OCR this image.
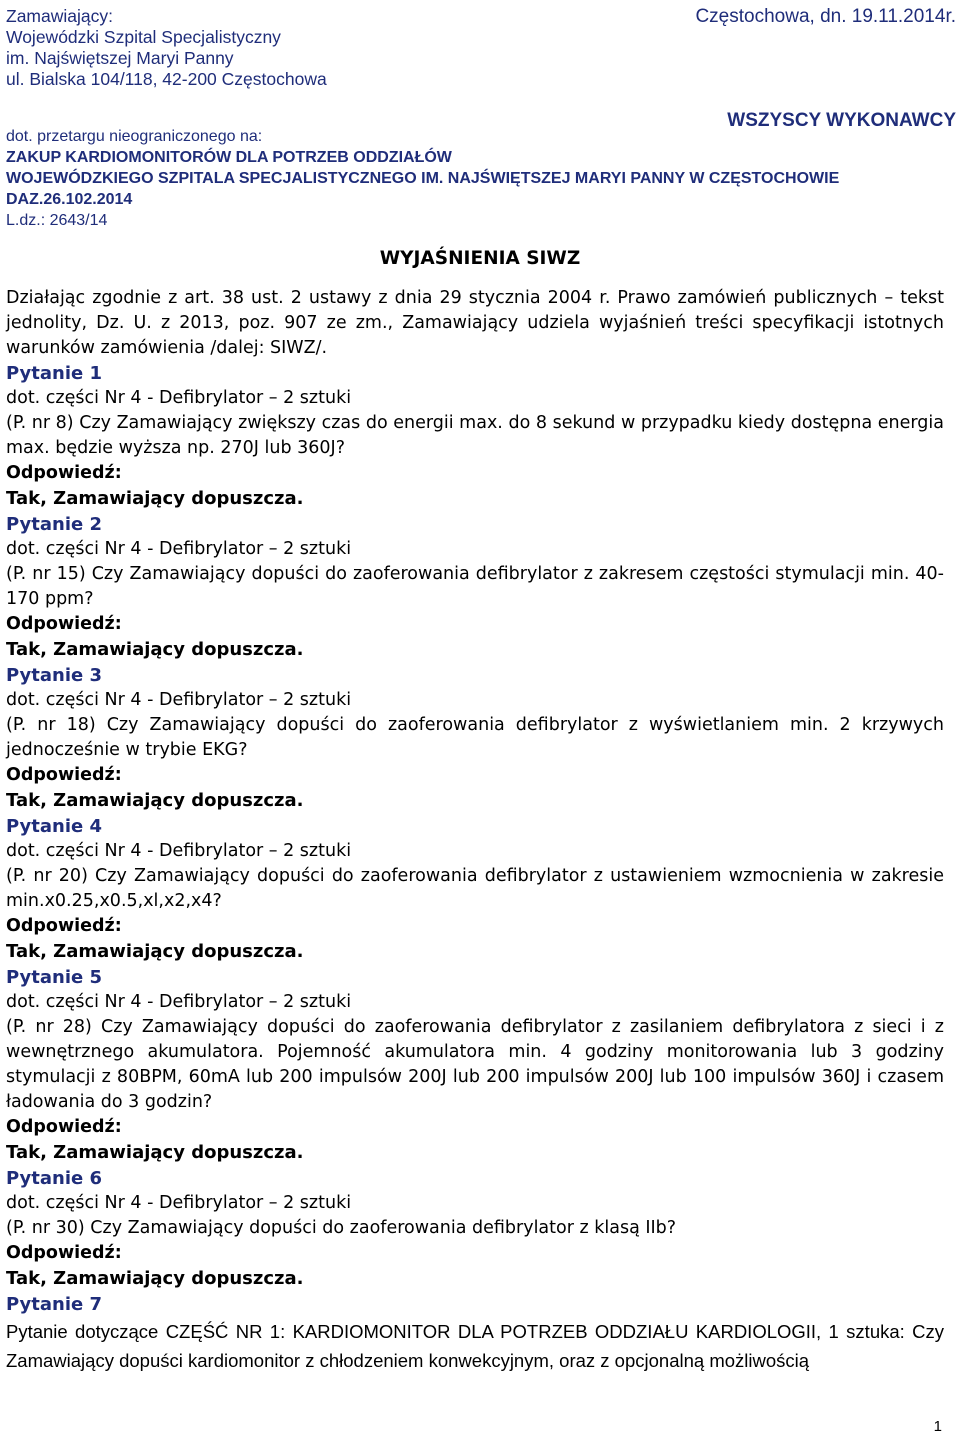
Zamawiający:
Wojewódzki Szpital Specjalistyczny
im. Najświętszej Maryi Panny
ul. Bialska 104/118, 42-200 Częstochowa
Częstochowa, dn. 19.11.2014r.
WSZYSCY WYKONAWCY
dot. przetargu nieograniczonego na:
ZAKUP KARDIOMONITORÓW DLA POTRZEB ODDZIAŁÓW
WOJEWÓDZKIEGO SZPITALA SPECJALISTYCZNEGO IM. NAJŚWIĘTSZEJ MARYI PANNY W CZĘSTOCHOWIE
DAZ.26.102.2014
L.dz.: 2643/14
WYJAŚNIENIA SIWZ

Działając zgodnie z art. 38 ust. 2 ustawy z dnia 29 stycznia 2004 r. Prawo zamówień publicznych – tekst jednolity, Dz. U. z 2013, poz. 907 ze zm., Zamawiający udziela wyjaśnień treści specyfikacji istotnych warunków zamówienia /dalej: SIWZ/.

Pytanie 1

dot. części Nr 4 - Defibrylator – 2 sztuki

(P. nr 8) Czy Zamawiający zwiększy czas do energii max. do 8 sekund w przypadku kiedy dostępna energia max. będzie wyższa np. 270J lub 360J?

Odpowiedź:

Tak, Zamawiający dopuszcza.

Pytanie 2

dot. części Nr 4 - Defibrylator – 2 sztuki

(P. nr 15) Czy Zamawiający dopuści do zaoferowania defibrylator z zakresem częstości stymulacji min. 40-170 ppm?

Odpowiedź:

Tak, Zamawiający dopuszcza.

Pytanie 3

dot. części Nr 4 - Defibrylator – 2 sztuki

(P. nr 18) Czy Zamawiający dopuści do zaoferowania defibrylator z wyświetlaniem min. 2 krzywych jednocześnie w trybie EKG?

Odpowiedź:

Tak, Zamawiający dopuszcza.

Pytanie 4

dot. części Nr 4 - Defibrylator – 2 sztuki

(P. nr 20) Czy Zamawiający dopuści do zaoferowania defibrylator z ustawieniem wzmocnienia w zakresie min.x0.25,x0.5,xl,x2,x4?

Odpowiedź:

Tak, Zamawiający dopuszcza.

Pytanie 5

dot. części Nr 4 - Defibrylator – 2 sztuki

(P. nr 28) Czy Zamawiający dopuści do zaoferowania defibrylator z zasilaniem defibrylatora z sieci i z wewnętrznego akumulatora. Pojemność akumulatora min. 4 godziny monitorowania lub 3 godziny stymulacji z 80BPM, 60mA lub 200 impulsów 200J lub 200 impulsów 200J lub 100 impulsów 360J i czasem ładowania do 3 godzin?

Odpowiedź:

Tak, Zamawiający dopuszcza.

Pytanie 6

dot. części Nr 4 - Defibrylator – 2 sztuki

(P. nr 30) Czy Zamawiający dopuści do zaoferowania defibrylator z klasą IIb?

Odpowiedź:

Tak, Zamawiający dopuszcza.

Pytanie 7

Pytanie dotyczące CZĘŚĆ NR 1: KARDIOMONITOR DLA POTRZEB ODDZIAŁU KARDIOLOGII, 1 sztuka: Czy Zamawiający dopuści kardiomonitor z chłodzeniem konwekcyjnym, oraz z opcjonalną możliwością

1
